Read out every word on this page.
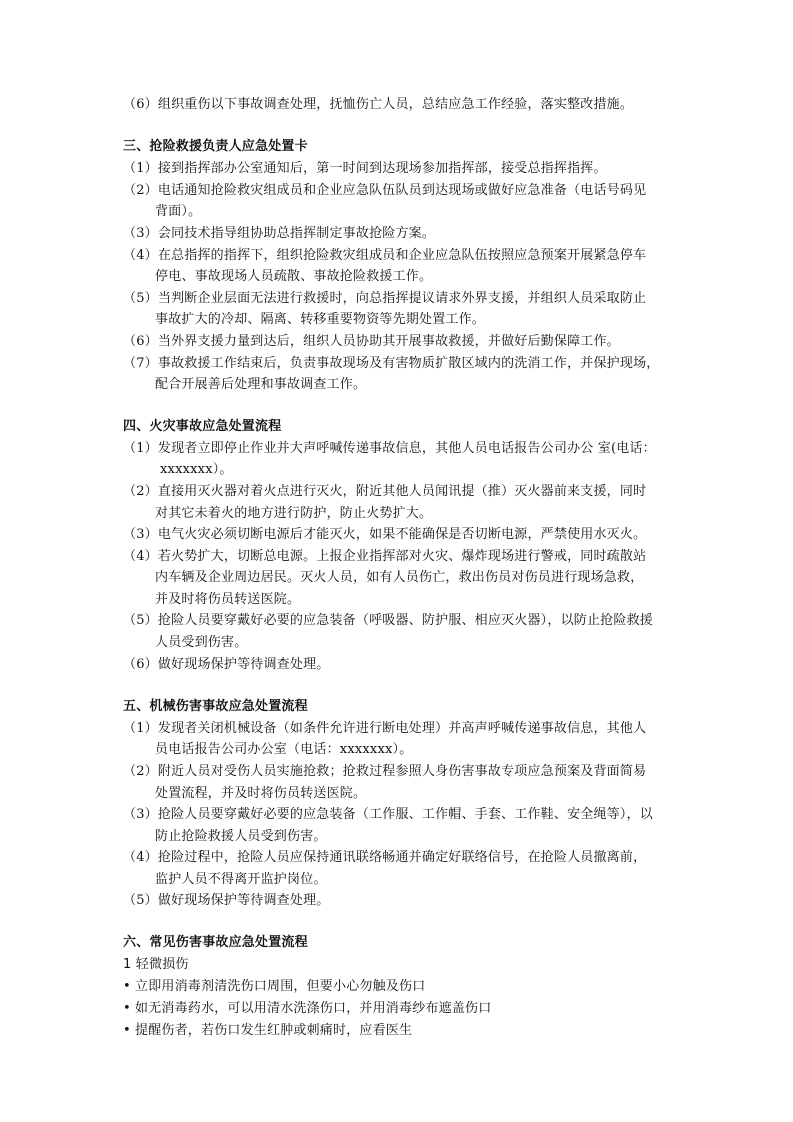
（6）组织重伤以下事故调查处理，抚恤伤亡人员，总结应急工作经验，落实整改措施。
三、抢险救援负责人应急处置卡
（1）接到指挥部办公室通知后，第一时间到达现场参加指挥部，接受总指挥指挥。
（2）电话通知抢险救灾组成员和企业应急队伍队员到达现场或做好应急准备（电话号码见
背面）。
（3）会同技术指导组协助总指挥制定事故抢险方案。
（4）在总指挥的指挥下，组织抢险救灾组成员和企业应急队伍按照应急预案开展紧急停车
停电、事故现场人员疏散、事故抢险救援工作。
（5）当判断企业层面无法进行救援时，向总指挥提议请求外界支援，并组织人员采取防止
事故扩大的冷却、隔离、转移重要物资等先期处置工作。
（6）当外界支援力量到达后，组织人员协助其开展事故救援，并做好后勤保障工作。
（7）事故救援工作结束后，负责事故现场及有害物质扩散区域内的洗消工作，并保护现场，
配合开展善后处理和事故调查工作。
四、火灾事故应急处置流程
（1）发现者立即停止作业并大声呼喊传递事故信息，其他人员电话报告公司办公 室(电话：
xxxxxxx）。
（2）直接用灭火器对着火点进行灭火，附近其他人员闻讯提（推）灭火器前来支援，同时
对其它未着火的地方进行防护，防止火势扩大。
（3）电气火灾必须切断电源后才能灭火，如果不能确保是否切断电源，严禁使用水灭火。
（4）若火势扩大，切断总电源。上报企业指挥部对火灾、爆炸现场进行警戒，同时疏散站
内车辆及企业周边居民。灭火人员，如有人员伤亡，救出伤员对伤员进行现场急救，
并及时将伤员转送医院。
（5）抢险人员要穿戴好必要的应急装备（呼吸器、防护服、相应灭火器），以防止抢险救援
人员受到伤害。
（6）做好现场保护等待调查处理。
五、机械伤害事故应急处置流程
（1）发现者关闭机械设备（如条件允许进行断电处理）并高声呼喊传递事故信息，其他人
员电话报告公司办公室（电话：xxxxxxx）。
（2）附近人员对受伤人员实施抢救；抢救过程参照人身伤害事故专项应急预案及背面简易
处置流程，并及时将伤员转送医院。
（3）抢险人员要穿戴好必要的应急装备（工作服、工作帽、手套、工作鞋、安全绳等），以
防止抢险救援人员受到伤害。
（4）抢险过程中，抢险人员应保持通讯联络畅通并确定好联络信号，在抢险人员撤离前，
监护人员不得离开监护岗位。
（5）做好现场保护等待调查处理。
六、常见伤害事故应急处置流程
1 轻微损伤
• 立即用消毒剂清洗伤口周围，但要小心勿触及伤口
• 如无消毒药水，可以用清水洗涤伤口，并用消毒纱布遮盖伤口
• 提醒伤者，若伤口发生红肿或刺痛时，应看医生
